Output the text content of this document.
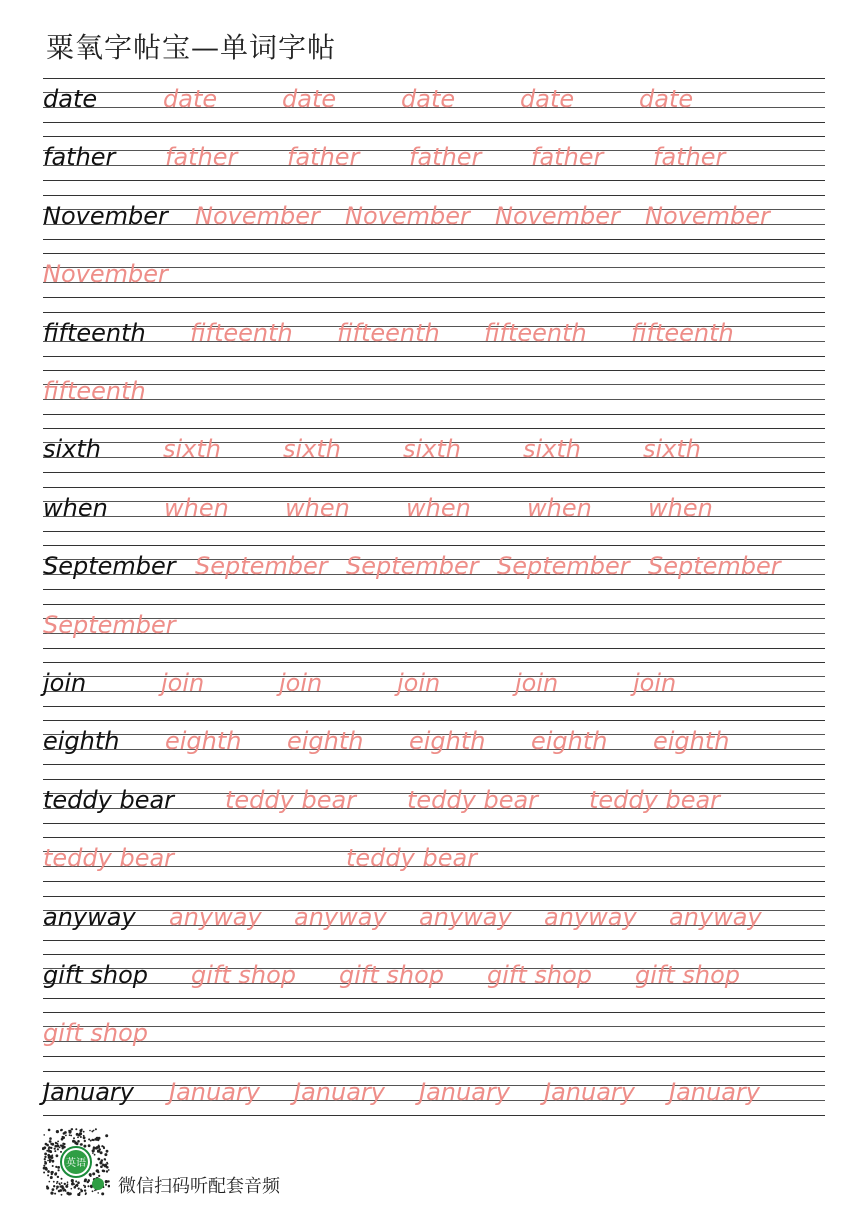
粟氧字帖宝—单词字帖
date	date	date	date	date	date
father father father father father father
November November November November November
November
fifteenth fifteenth fifteenth fifteenth fifteenth
fifteenth
sixth	sixth	sixth	sixth	sixth	sixth
when when when when when when
September September September September September
September
join	join	join	join	join	join
eighth eighth eighth eighth eighth eighth
teddy bear teddy bear teddy bear teddy bear
teddy bear	teddy bear
anyway anyway anyway anyway anyway anyway
gift shop gift shop gift shop gift shop gift shop
gift shop
January January January January January January
英语
微信扫码听配套音频
